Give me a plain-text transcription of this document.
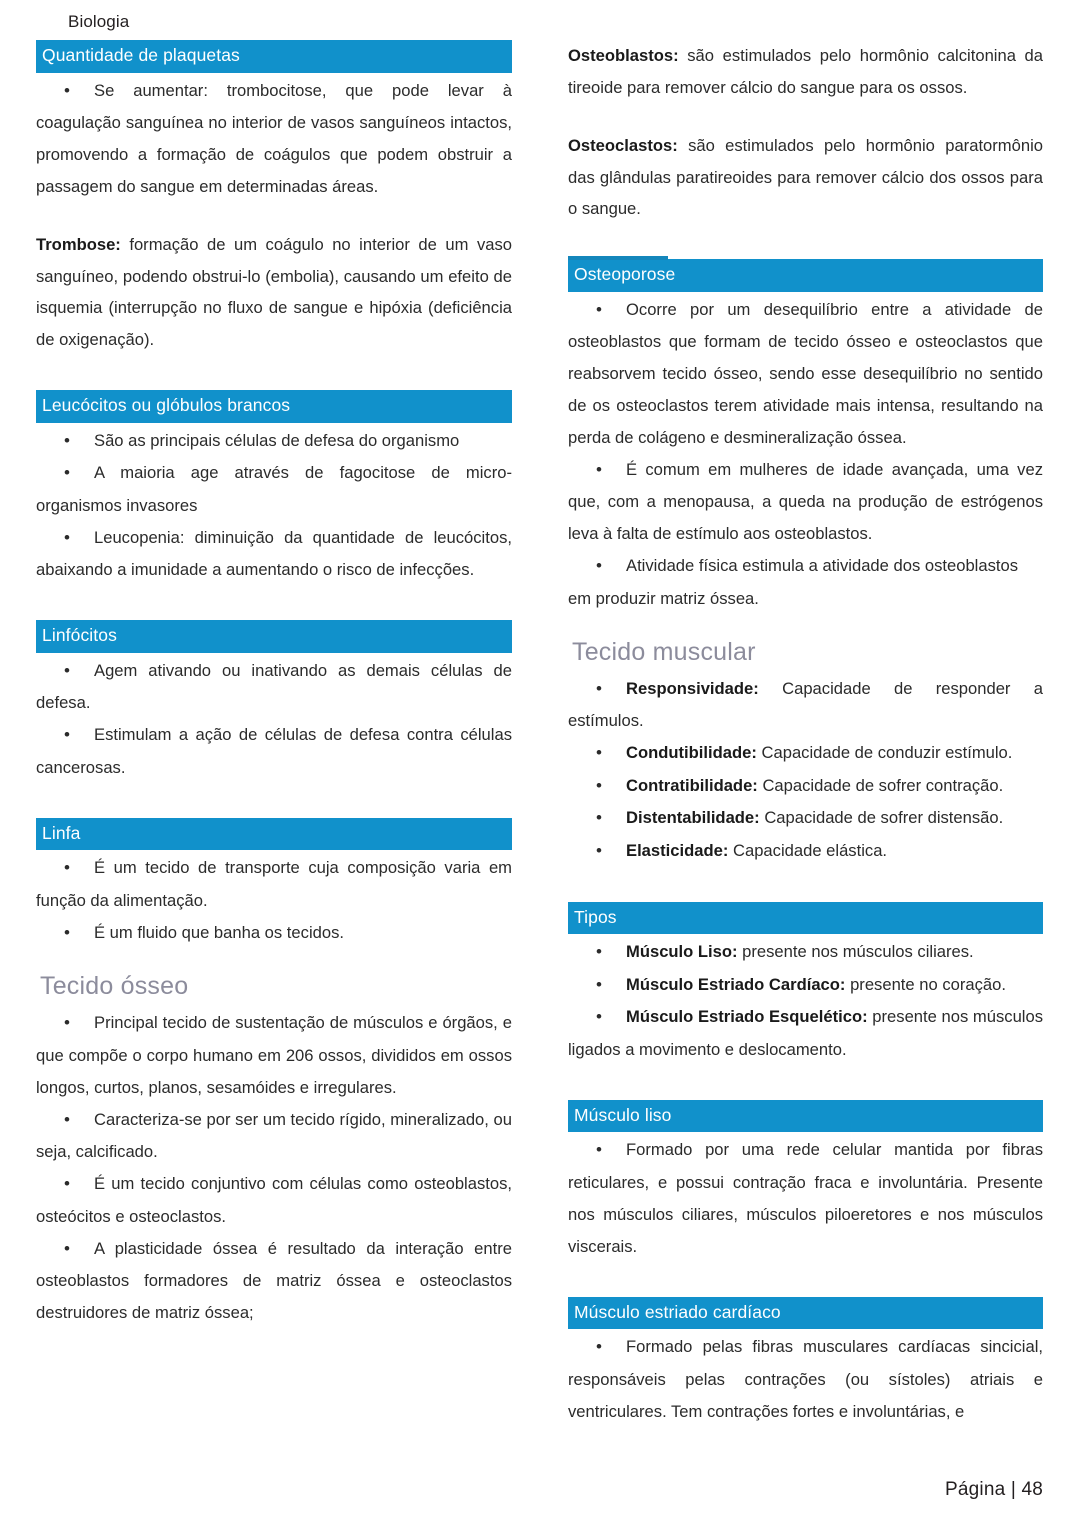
Biologia
Quantidade de plaquetas

• Se aumentar: trombocitose, que pode levar à coagulação sanguínea no interior de vasos sanguíneos intactos, promovendo a formação de coágulos que podem obstruir a passagem do sangue em determinadas áreas.

Trombose: formação de um coágulo no interior de um vaso sanguíneo, podendo obstrui-lo (embolia), causando um efeito de isquemia (interrupção no fluxo de sangue e hipóxia (deficiência de oxigenação).

Leucócitos ou glóbulos brancos

• São as principais células de defesa do organismo

• A maioria age através de fagocitose de micro-organismos invasores

• Leucopenia: diminuição da quantidade de leucócitos, abaixando a imunidade a aumentando o risco de infecções.

Linfócitos

• Agem ativando ou inativando as demais células de defesa.

• Estimulam a ação de células de defesa contra células cancerosas.

Linfa

• É um tecido de transporte cuja composição varia em função da alimentação.

• É um fluido que banha os tecidos.

Tecido ósseo

• Principal tecido de sustentação de músculos e órgãos, e que compõe o corpo humano em 206 ossos, divididos em ossos longos, curtos, planos, sesamóides e irregulares.

• Caracteriza-se por ser um tecido rígido, mineralizado, ou seja, calcificado.

• É um tecido conjuntivo com células como osteoblastos, osteócitos e osteoclastos.

• A plasticidade óssea é resultado da interação entre osteoblastos formadores de matriz óssea e osteoclastos destruidores de matriz óssea;

Osteoblastos: são estimulados pelo hormônio calcitonina da tireoide para remover cálcio do sangue para os ossos.

Osteoclastos: são estimulados pelo hormônio paratormônio das glândulas paratireoides para remover cálcio dos ossos para o sangue.

Osteoporose

• Ocorre por um desequilíbrio entre a atividade de osteoblastos que formam de tecido ósseo e osteoclastos que reabsorvem tecido ósseo, sendo esse desequilíbrio no sentido de os osteoclastos terem atividade mais intensa, resultando na perda de colágeno e desmineralização óssea.

• É comum em mulheres de idade avançada, uma vez que, com a menopausa, a queda na produção de estrógenos leva à falta de estímulo aos osteoblastos.

• Atividade física estimula a atividade dos osteoblastos em produzir matriz óssea.

Tecido muscular

• Responsividade: Capacidade de responder a estímulos.

• Condutibilidade: Capacidade de conduzir estímulo.

• Contratibilidade: Capacidade de sofrer contração.

• Distentabilidade: Capacidade de sofrer distensão.

• Elasticidade: Capacidade elástica.

Tipos

• Músculo Liso: presente nos músculos ciliares.

• Músculo Estriado Cardíaco: presente no coração.

• Músculo Estriado Esquelético: presente nos músculos ligados a movimento e deslocamento.

Músculo liso

• Formado por uma rede celular mantida por fibras reticulares, e possui contração fraca e involuntária. Presente nos músculos ciliares, músculos piloeretores e nos músculos viscerais.

Músculo estriado cardíaco

• Formado pelas fibras musculares cardíacas sincicial, responsáveis pelas contrações (ou sístoles) atriais e ventriculares. Tem contrações fortes e involuntárias, e

Página | 48
